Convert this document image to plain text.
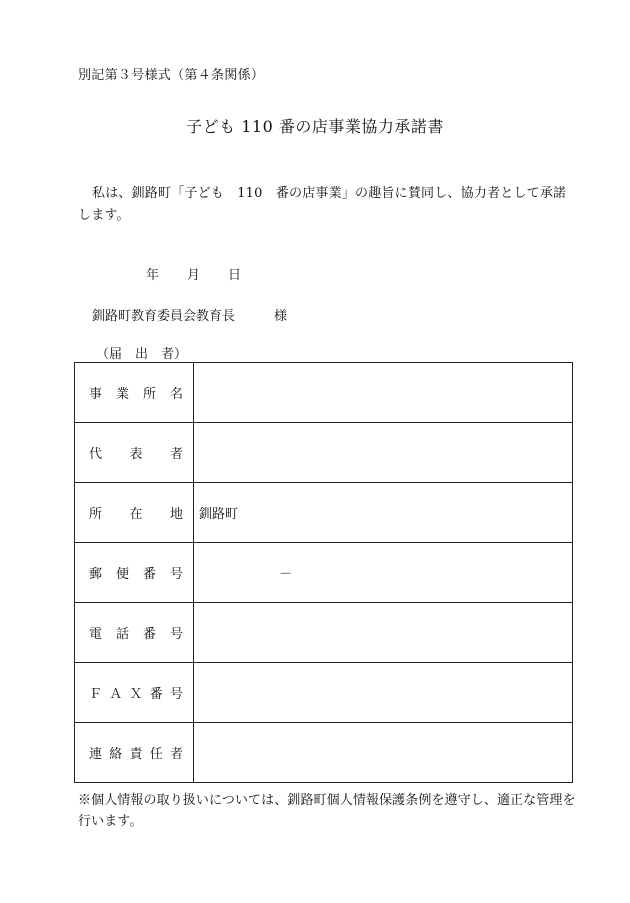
別記第３号様式（第４条関係）
子ども 110 番の店事業協力承諾書
私は、釧路町「子ども　110　番の店事業」の趣旨に賛同し、協力者として承諾します。
年 月 日
釧路町教育委員会教育長　　　様
（届　出　者）
事 業 所 名	

代 表 者	

所 在 地	釧路町

郵 便 番 号	－

電 話 番 号	

Ｆ Ａ Ｘ 番 号	

連 絡 責 任 者	

※個人情報の取り扱いについては、釧路町個人情報保護条例を遵守し、適正な管理を行います。
